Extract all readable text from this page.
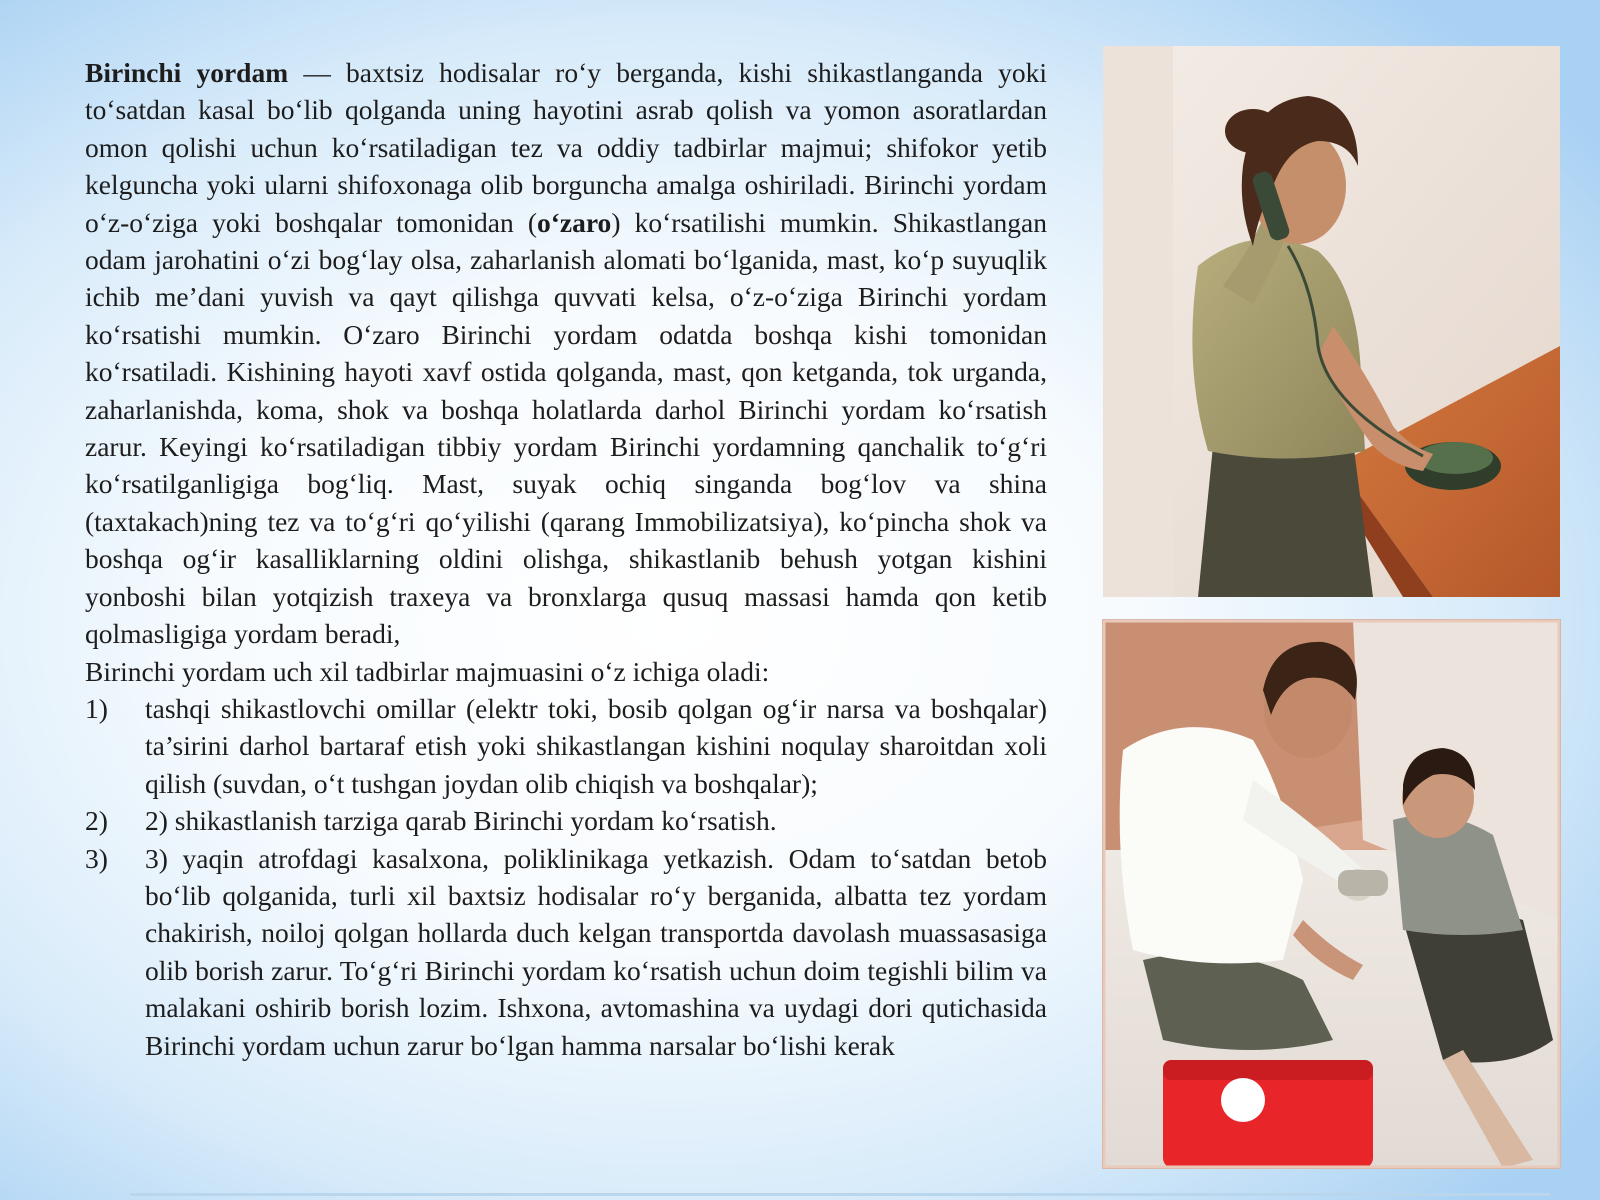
Birinchi yordam — baxtsiz hodisalar ro‘y berganda, kishi shikastlanganda yoki to‘satdan kasal bo‘lib qolganda uning hayotini asrab qolish va yomon asoratlardan omon qolishi uchun ko‘rsatiladigan tez va oddiy tadbirlar majmui; shifokor yetib kelguncha yoki ularni shifoxonaga olib borguncha amalga oshiriladi. Birinchi yordam o‘z-o‘ziga yoki boshqalar tomonidan (o‘zaro) ko‘rsatilishi mumkin. Shikastlangan odam jarohatini o‘zi bog‘lay olsa, zaharlanish alomati bo‘lganida, mast, ko‘p suyuqlik ichib me’dani yuvish va qayt qilishga quvvati kelsa, o‘z-o‘ziga Birinchi yordam ko‘rsatishi mumkin. O‘zaro Birinchi yordam odatda boshqa kishi tomonidan ko‘rsatiladi. Kishining hayoti xavf ostida qolganda, mast, qon ketganda, tok urganda, zaharlanishda, koma, shok va boshqa holatlarda darhol Birinchi yordam ko‘rsatish zarur. Keyingi ko‘rsatiladigan tibbiy yordam Birinchi yordamning qanchalik to‘g‘ri ko‘rsatilganligiga bog‘liq. Mast, suyak ochiq singanda bog‘lov va shina (taxtakach)ning tez va to‘g‘ri qo‘yilishi (qarang Immobilizatsiya), ko‘pincha shok va boshqa og‘ir kasalliklarning oldini olishga, shikastlanib behush yotgan kishini yonboshi bilan yotqizish traxeya va bronxlarga qusuq massasi hamda qon ketib qolmasligiga yordam beradi,

Birinchi yordam uch xil tadbirlar majmuasini o‘z ichiga oladi:

1)	tashqi shikastlovchi omillar (elektr toki, bosib qolgan og‘ir narsa va boshqalar) ta’sirini darhol bartaraf etish yoki shikastlangan kishini noqulay sharoitdan xoli qilish (suvdan, o‘t tushgan joydan olib chiqish va boshqalar);
2)	2) shikastlanish tarziga qarab Birinchi yordam ko‘rsatish.
3)	3) yaqin atrofdagi kasalxona, poliklinikaga yetkazish. Odam to‘satdan betob bo‘lib qolganida, turli xil baxtsiz hodisalar ro‘y berganida, albatta tez yordam chakirish, noiloj qolgan hollarda duch kelgan transportda davolash muassasasiga olib borish zarur. To‘g‘ri Birinchi yordam ko‘rsatish uchun doim tegishli bilim va malakani oshirib borish lozim. Ishxona, avtomashina va uydagi dori qutichasida Birinchi yordam uchun zarur bo‘lgan hamma narsalar bo‘lishi kerak
